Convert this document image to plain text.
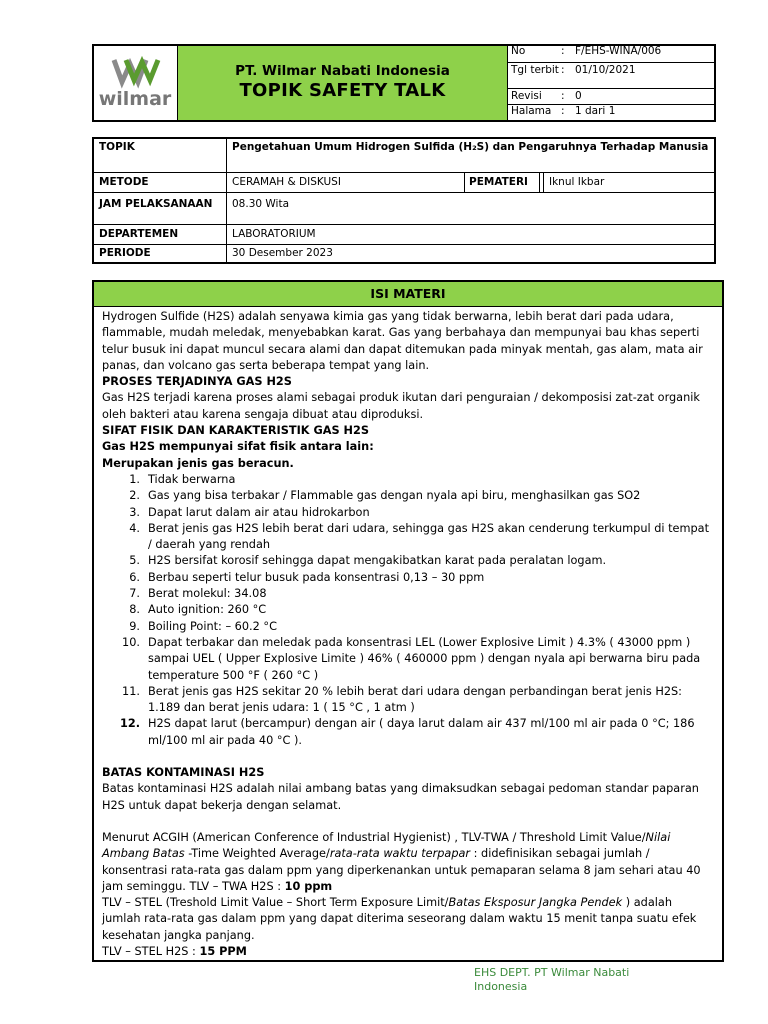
wilmar
PT. Wilmar Nabati Indonesia
TOPIK SAFETY TALK
No	: F/EHS-WINA/006
Tgl terbit : 01/10/2021
Revisi	: 0
Halama : 1 dari 1
TOPIK	Pengetahuan Umum Hidrogen Sulfida (H₂S) dan Pengaruhnya Terhadap Manusia
METODE	CERAMAH & DISKUSI	PEMATERI	Iknul Ikbar
JAM PELAKSANAAN	08.30 Wita
DEPARTEMEN	LABORATORIUM
PERIODE	30 Desember 2023
ISI MATERI

Hydrogen Sulfide (H2S) adalah senyawa kimia gas yang tidak berwarna, lebih berat dari pada udara, flammable, mudah meledak, menyebabkan karat. Gas yang berbahaya dan mempunyai bau khas seperti telur busuk ini dapat muncul secara alami dan dapat ditemukan pada minyak mentah, gas alam, mata air panas, dan volcano gas serta beberapa tempat yang lain.

PROSES TERJADINYA GAS H2S

Gas H2S terjadi karena proses alami sebagai produk ikutan dari penguraian / dekomposisi zat-zat organik oleh bakteri atau karena sengaja dibuat atau diproduksi.

SIFAT FISIK DAN KARAKTERISTIK GAS H2S

Gas H2S mempunyai sifat fisik antara lain:

Merupakan jenis gas beracun.

1. Tidak berwarna
2. Gas yang bisa terbakar / Flammable gas dengan nyala api biru, menghasilkan gas SO2
3. Dapat larut dalam air atau hidrokarbon
4. Berat jenis gas H2S lebih berat dari udara, sehingga gas H2S akan cenderung terkumpul di tempat / daerah yang rendah
5. H2S bersifat korosif sehingga dapat mengakibatkan karat pada peralatan logam.
6. Berbau seperti telur busuk pada konsentrasi 0,13 – 30 ppm
7. Berat molekul: 34.08
8. Auto ignition: 260 °C
9. Boiling Point: – 60.2 °C
10. Dapat terbakar dan meledak pada konsentrasi LEL (Lower Explosive Limit ) 4.3% ( 43000 ppm ) sampai UEL ( Upper Explosive Limite ) 46% ( 460000 ppm ) dengan nyala api berwarna biru pada temperature 500 °F ( 260 °C )
11. Berat jenis gas H2S sekitar 20 % lebih berat dari udara dengan perbandingan berat jenis H2S: 1.189 dan berat jenis udara: 1 ( 15 °C , 1 atm )
12. H2S dapat larut (bercampur) dengan air ( daya larut dalam air 437 ml/100 ml air pada 0 °C; 186 ml/100 ml air pada 40 °C ).

BATAS KONTAMINASI H2S

Batas kontaminasi H2S adalah nilai ambang batas yang dimaksudkan sebagai pedoman standar paparan H2S untuk dapat bekerja dengan selamat.

Menurut ACGIH (American Conference of Industrial Hygienist) , TLV-TWA / Threshold Limit Value/Nilai Ambang Batas -Time Weighted Average/rata-rata waktu terpapar : didefinisikan sebagai jumlah / konsentrasi rata-rata gas dalam ppm yang diperkenankan untuk pemaparan selama 8 jam sehari atau 40 jam seminggu. TLV – TWA H2S : 10 ppm

TLV – STEL (Treshold Limit Value – Short Term Exposure Limit/Batas Eksposur Jangka Pendek ) adalah jumlah rata-rata gas dalam ppm yang dapat diterima seseorang dalam waktu 15 menit tanpa suatu efek kesehatan jangka panjang.

TLV – STEL H2S : 15 PPM

EHS DEPT. PT Wilmar Nabati Indonesia
